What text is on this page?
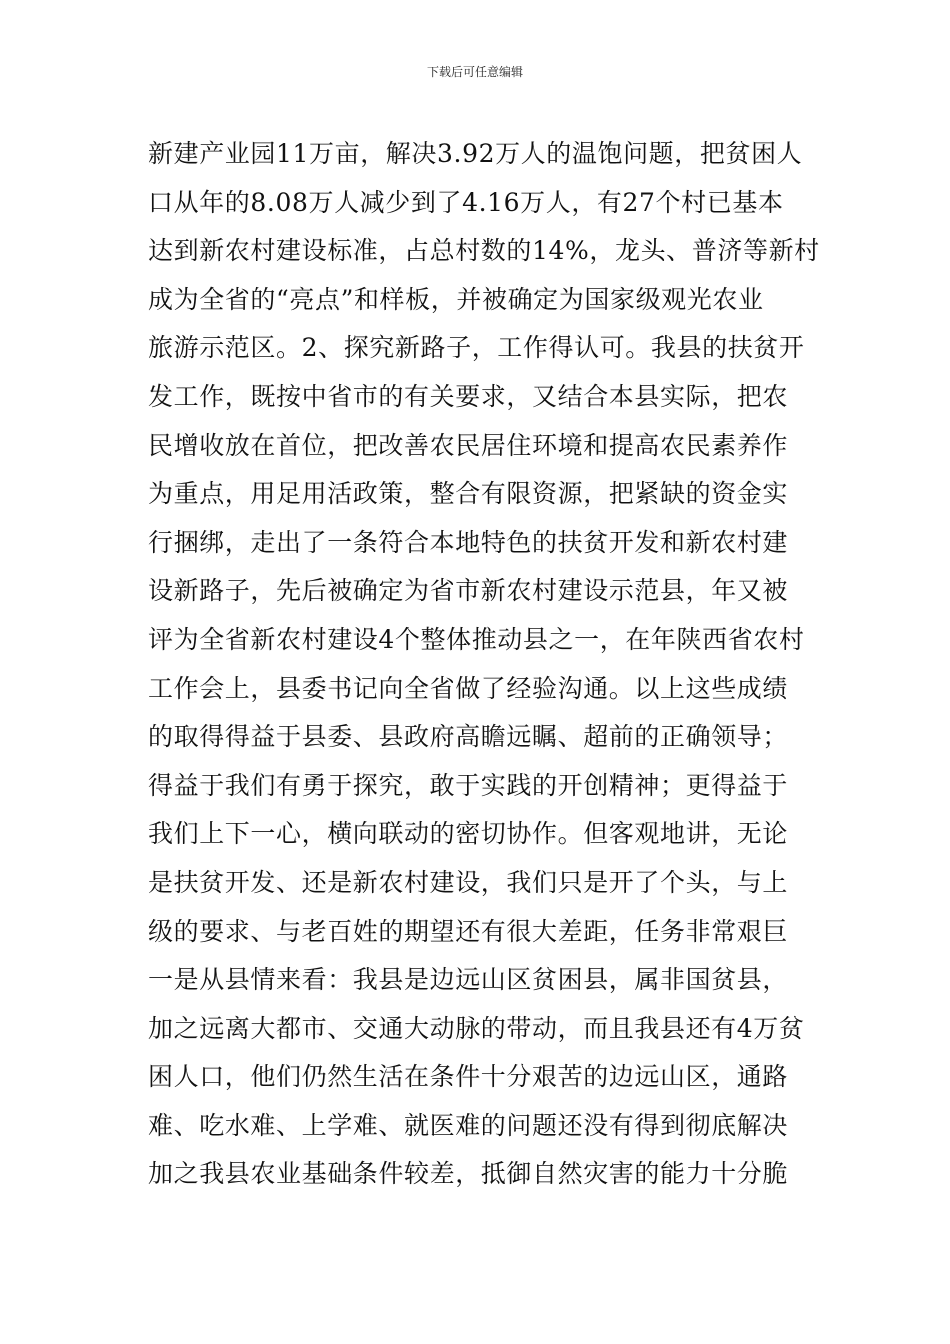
下载后可任意编辑
新建产业园11万亩，解决3.92万人的温饱问题，把贫困人
口从年的8.08万人减少到了4.16万人，有27个村已基本
达到新农村建设标准，占总村数的14%，龙头、普济等新村
成为全省的“亮点”和样板，并被确定为国家级观光农业
旅游示范区。2、探究新路子，工作得认可。我县的扶贫开
发工作，既按中省市的有关要求，又结合本县实际，把农
民增收放在首位，把改善农民居住环境和提高农民素养作
为重点，用足用活政策，整合有限资源，把紧缺的资金实
行捆绑，走出了一条符合本地特色的扶贫开发和新农村建
设新路子，先后被确定为省市新农村建设示范县，年又被
评为全省新农村建设4个整体推动县之一，在年陕西省农村
工作会上，县委书记向全省做了经验沟通。以上这些成绩
的取得得益于县委、县政府高瞻远瞩、超前的正确领导；
得益于我们有勇于探究，敢于实践的开创精神；更得益于
我们上下一心，横向联动的密切协作。但客观地讲，无论
是扶贫开发、还是新农村建设，我们只是开了个头，与上
级的要求、与老百姓的期望还有很大差距，任务非常艰巨
一是从县情来看：我县是边远山区贫困县，属非国贫县，
加之远离大都市、交通大动脉的带动，而且我县还有4万贫
困人口，他们仍然生活在条件十分艰苦的边远山区，通路
难、吃水难、上学难、就医难的问题还没有得到彻底解决
加之我县农业基础条件较差，抵御自然灾害的能力十分脆
